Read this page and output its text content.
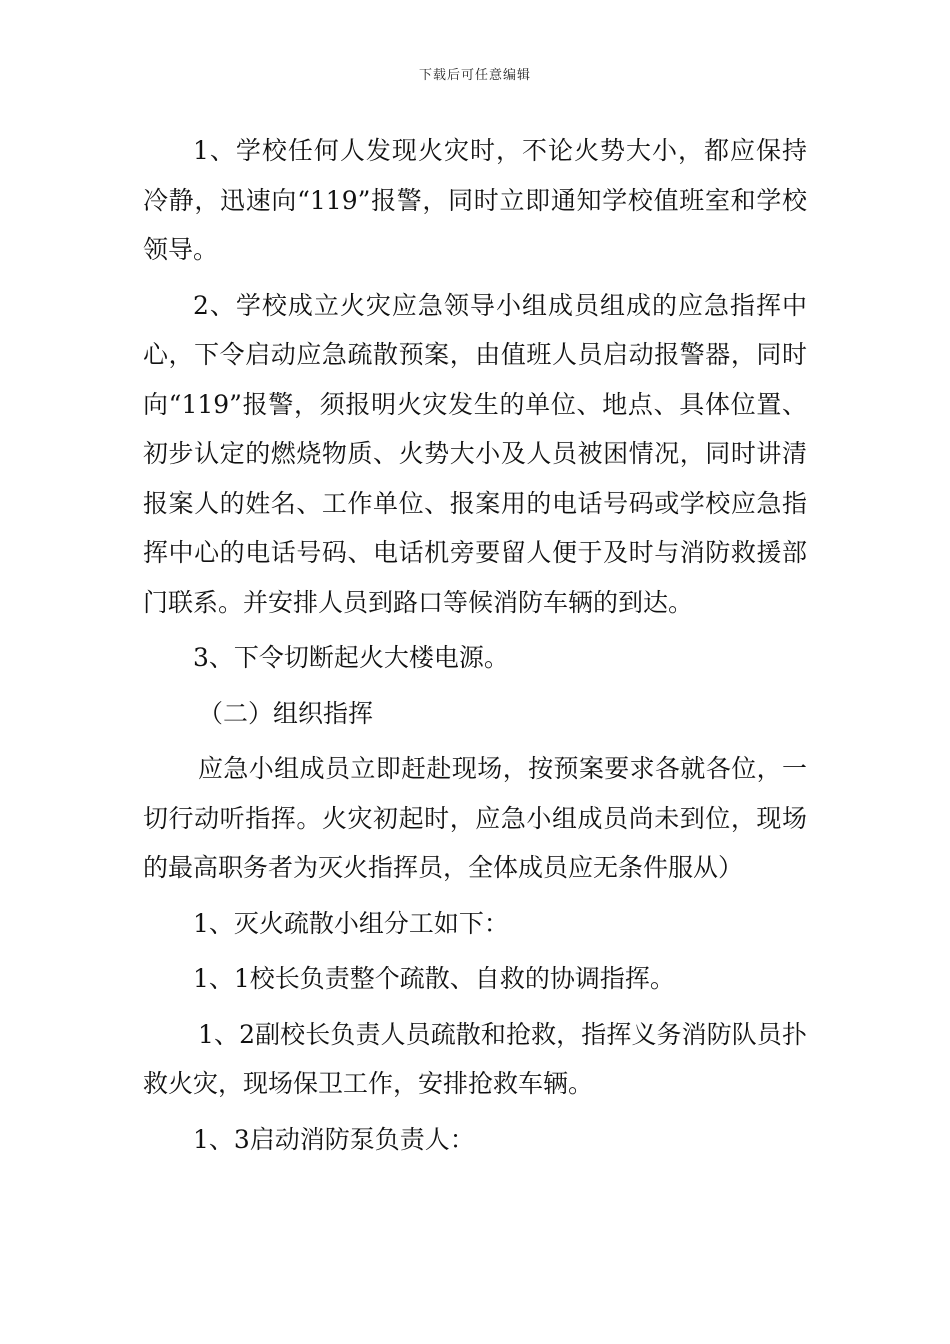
下载后可任意编辑

1、学校任何人发现火灾时，不论火势大小，都应保持冷静，迅速向“119”报警，同时立即通知学校值班室和学校领导。

2、学校成立火灾应急领导小组成员组成的应急指挥中心，下令启动应急疏散预案，由值班人员启动报警器，同时向“119”报警，须报明火灾发生的单位、地点、具体位置、初步认定的燃烧物质、火势大小及人员被困情况，同时讲清报案人的姓名、工作单位、报案用的电话号码或学校应急指挥中心的电话号码、电话机旁要留人便于及时与消防救援部门联系。并安排人员到路口等候消防车辆的到达。

3、下令切断起火大楼电源。

（二）组织指挥

应急小组成员立即赶赴现场，按预案要求各就各位，一切行动听指挥。火灾初起时，应急小组成员尚未到位，现场的最高职务者为灭火指挥员，全体成员应无条件服从）

1、灭火疏散小组分工如下：

1、1校长负责整个疏散、自救的协调指挥。

1、2副校长负责人员疏散和抢救，指挥义务消防队员扑救火灾，现场保卫工作，安排抢救车辆。

1、3启动消防泵负责人：
